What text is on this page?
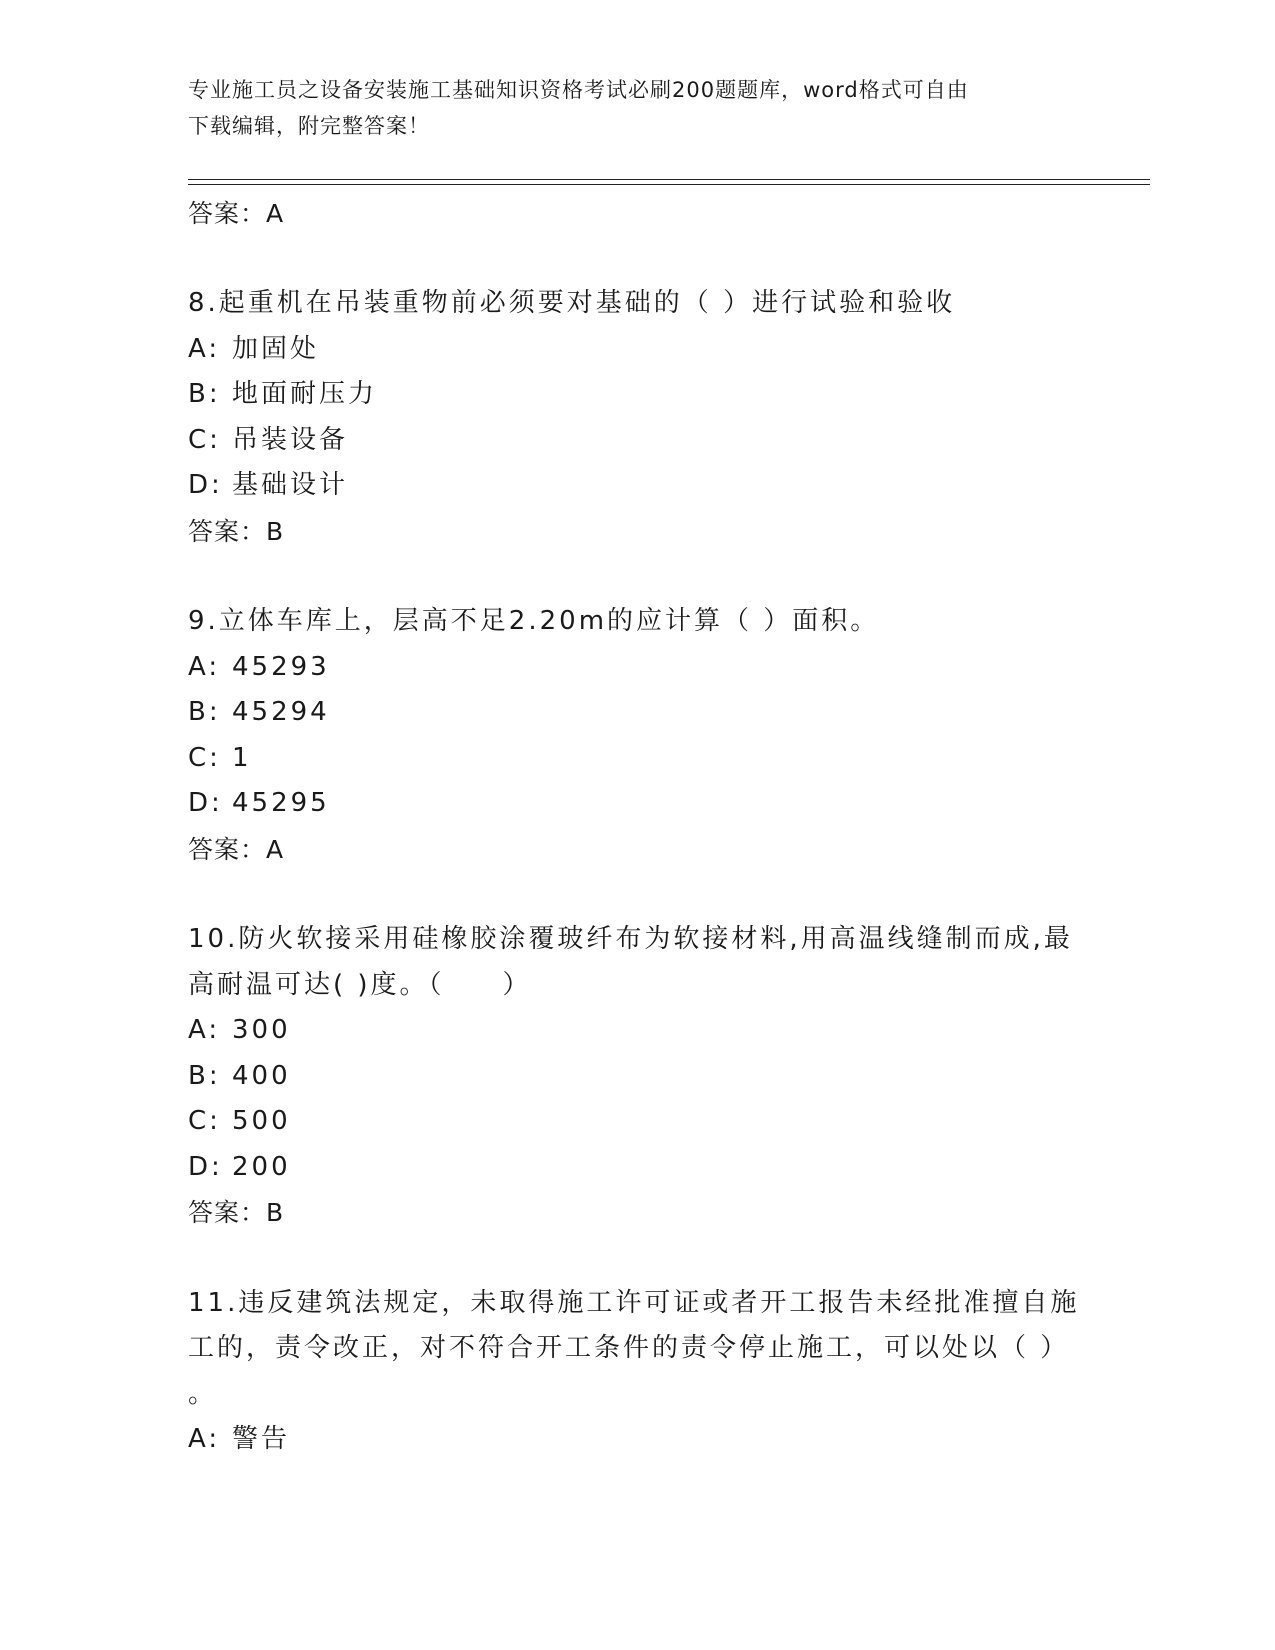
专业施工员之设备安装施工基础知识资格考试必刷200题题库，word格式可自由
下载编辑，附完整答案！
答案：A
8.起重机在吊装重物前必须要对基础的（ ）进行试验和验收
A: 加固处
B: 地面耐压力
C: 吊装设备
D: 基础设计
答案：B
9.立体车库上，层高不足2.20m的应计算（ ）面积。
A: 45293
B: 45294
C: 1
D: 45295
答案：A
10.防火软接采用硅橡胶涂覆玻纤布为软接材料,用高温线缝制而成,最
高耐温可达( )度。（　　）
A: 300
B: 400
C: 500
D: 200
答案：B
11.违反建筑法规定，未取得施工许可证或者开工报告未经批准擅自施
工的，责令改正，对不符合开工条件的责令停止施工，可以处以（ ）
。
A: 警告
